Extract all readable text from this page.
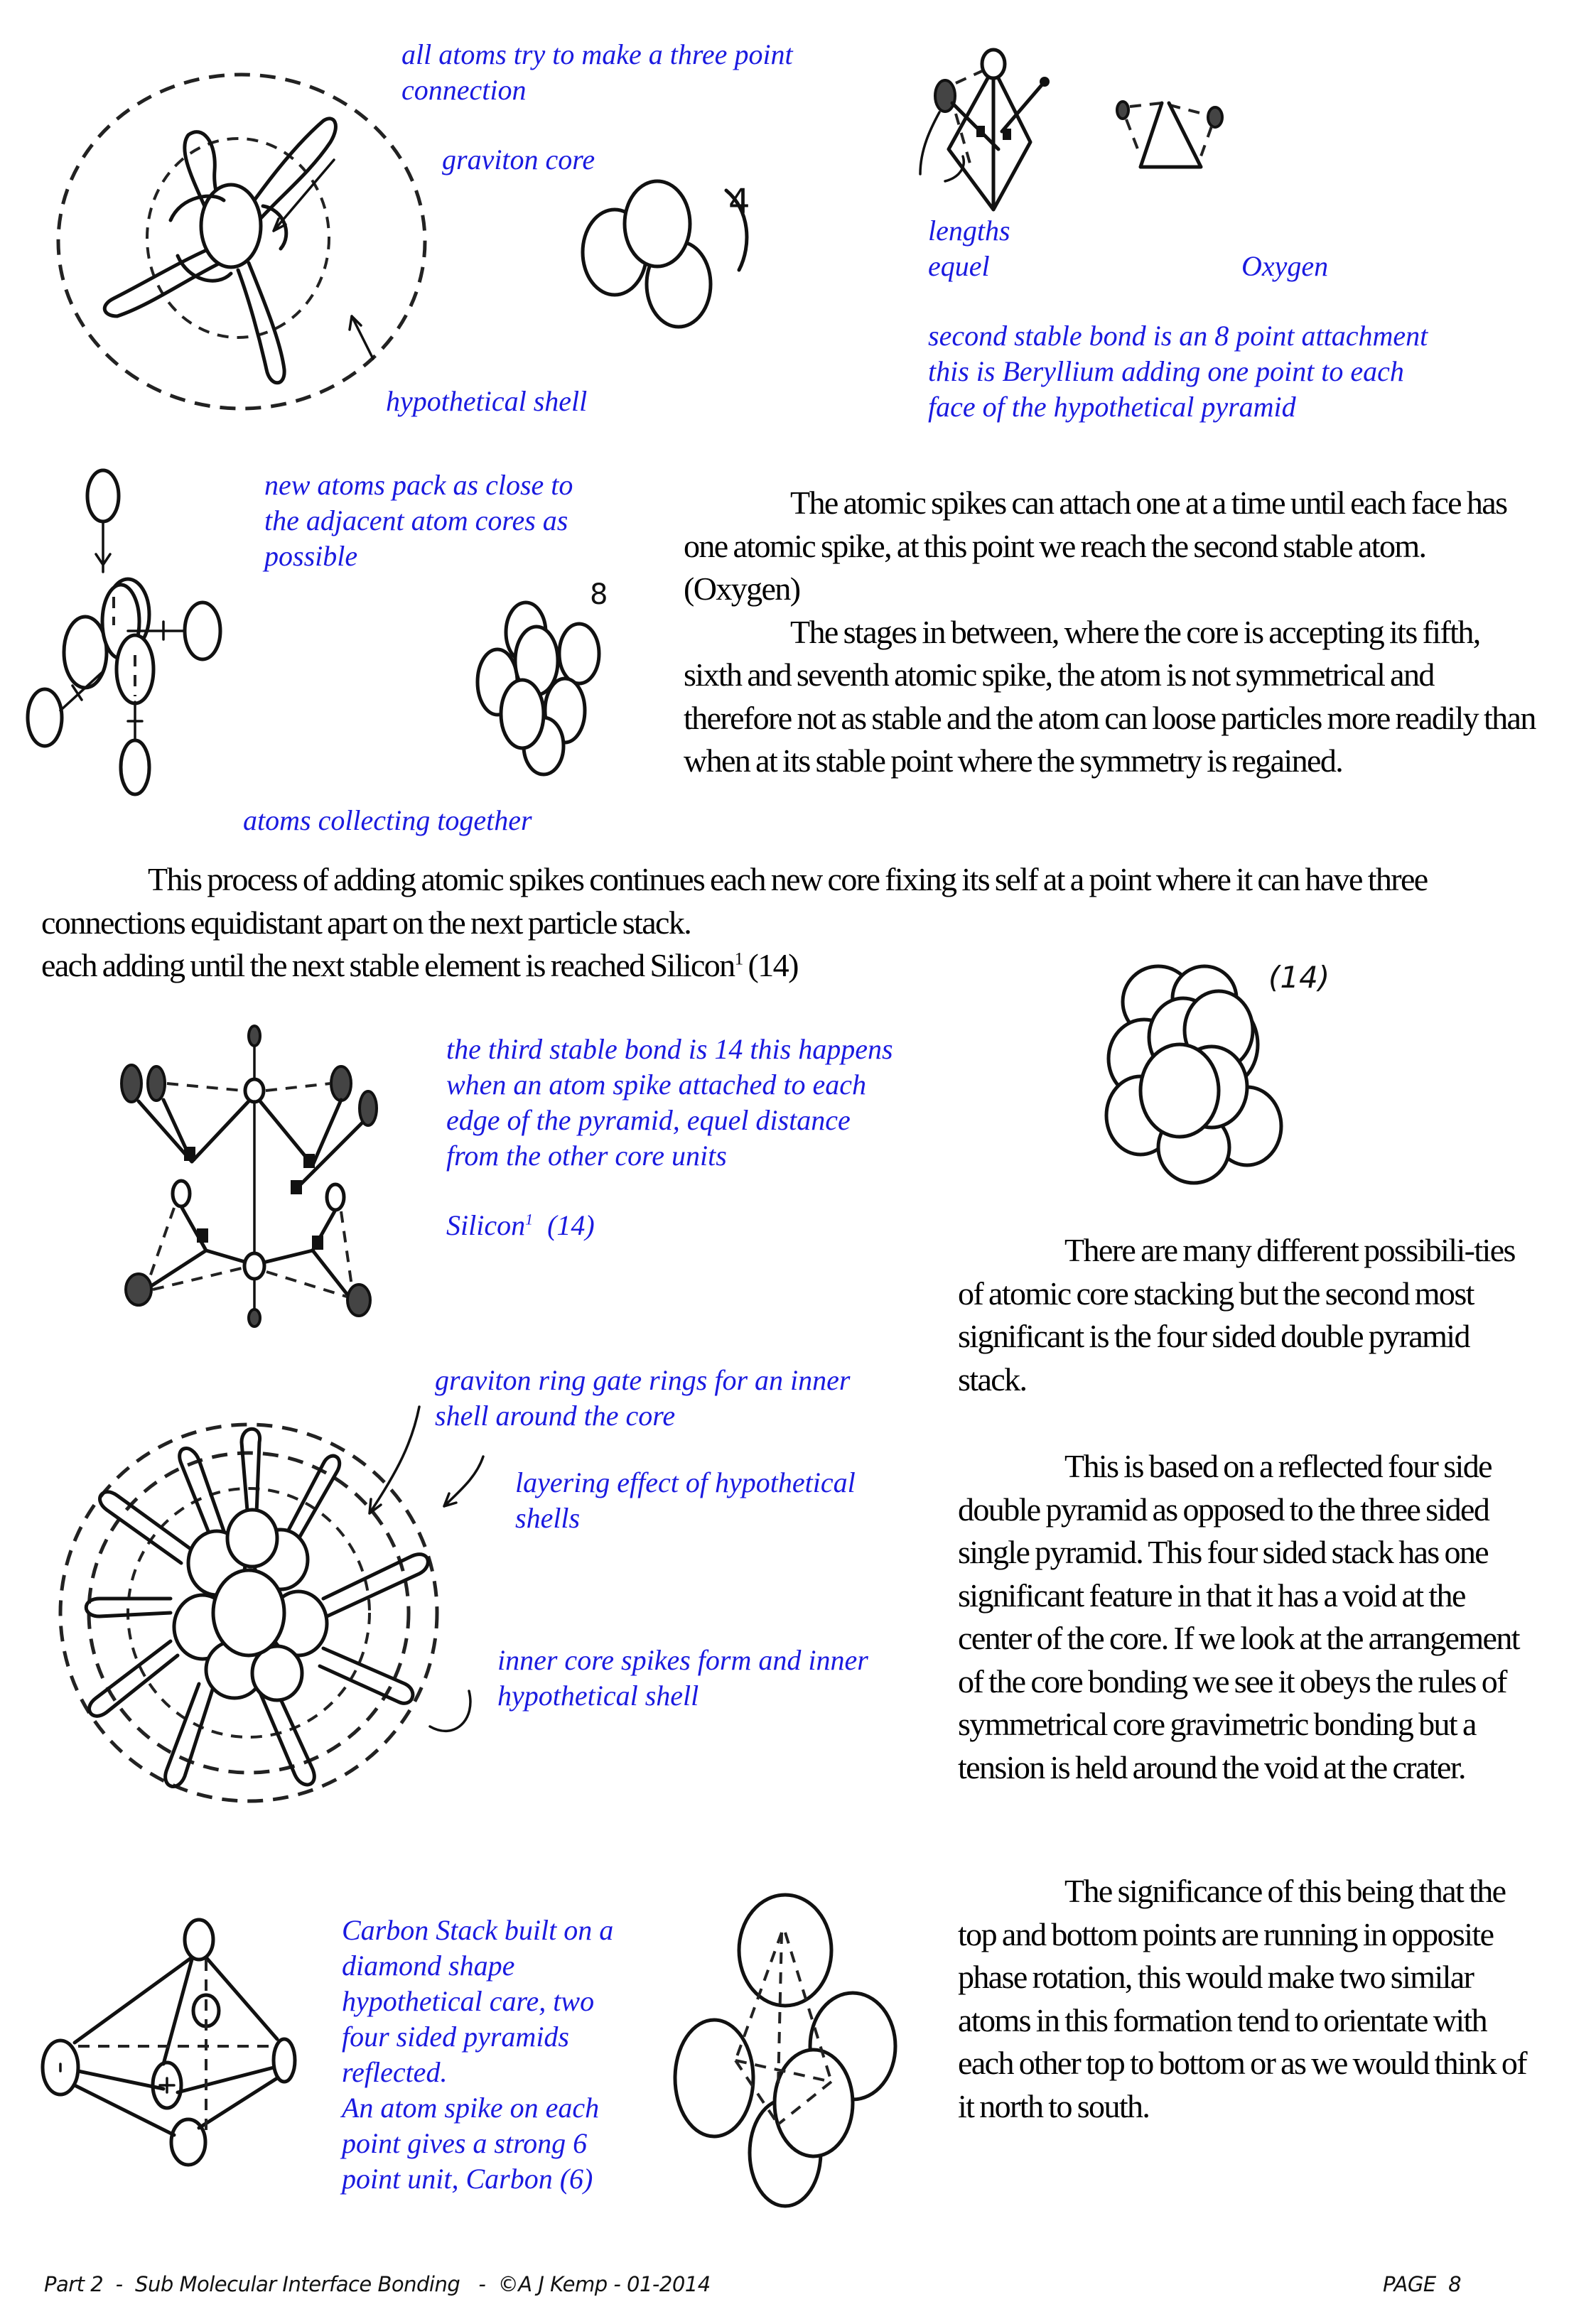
all atoms try to make a three point
connection

graviton core

hypothetical shell

4

lengths
equel	Oxygen

second stable bond is an 8 point attachment
this is Beryllium adding one point to each
face of the hypothetical pyramid

new atoms pack as close to
the adjacent atom cores as
possible

atoms collecting together

8

The atomic spikes can attach one at a time until each face has one atomic spike, at this point we reach the second stable atom. (Oxygen)
The stages in between, where the core is accepting its fifth, sixth and seventh atomic spike, the atom is not symmetrical and therefore not as stable and the atom can loose particles more readily than when at its stable point where the symmetry is regained.

This process of adding atomic spikes continues each new core fixing its self at a point where it can have three connections equidistant apart on the next particle stack.
each adding until the next stable element is reached Silicon$^1$ (14)

the third stable bond is 14 this happens
when an atom spike attached to each
edge of the pyramid, equel distance
from the other core units

Silicon$^1$ (14)

(14)

There are many different possibili-ties of atomic core stacking but the second most significant is the four sided double pyramid stack.

graviton ring gate rings for an inner
shell around the core

layering effect of hypothetical
shells

inner core spikes form and inner
hypothetical shell

This is based on a reflected four side double pyramid as opposed to the three sided single pyramid. This four sided stack has one significant feature in that it has a void at the center of the core. If we look at the arrangement of the core bonding we see it obeys the rules of symmetrical core gravimetric bonding but a tension is held around the void at the crater.

Carbon Stack built on a
diamond shape
hypothetical care, two
four sided pyramids
reflected.
An atom spike on each
point gives a strong 6
point unit, Carbon (6)

The significance of this being that the top and bottom points are running in opposite phase rotation, this would make two similar atoms in this formation tend to orientate with each other top to bottom or as we would think of it north to south.

Part 2  -  Sub Molecular Interface Bonding   -  ©A J Kemp - 01-2014	PAGE  8
